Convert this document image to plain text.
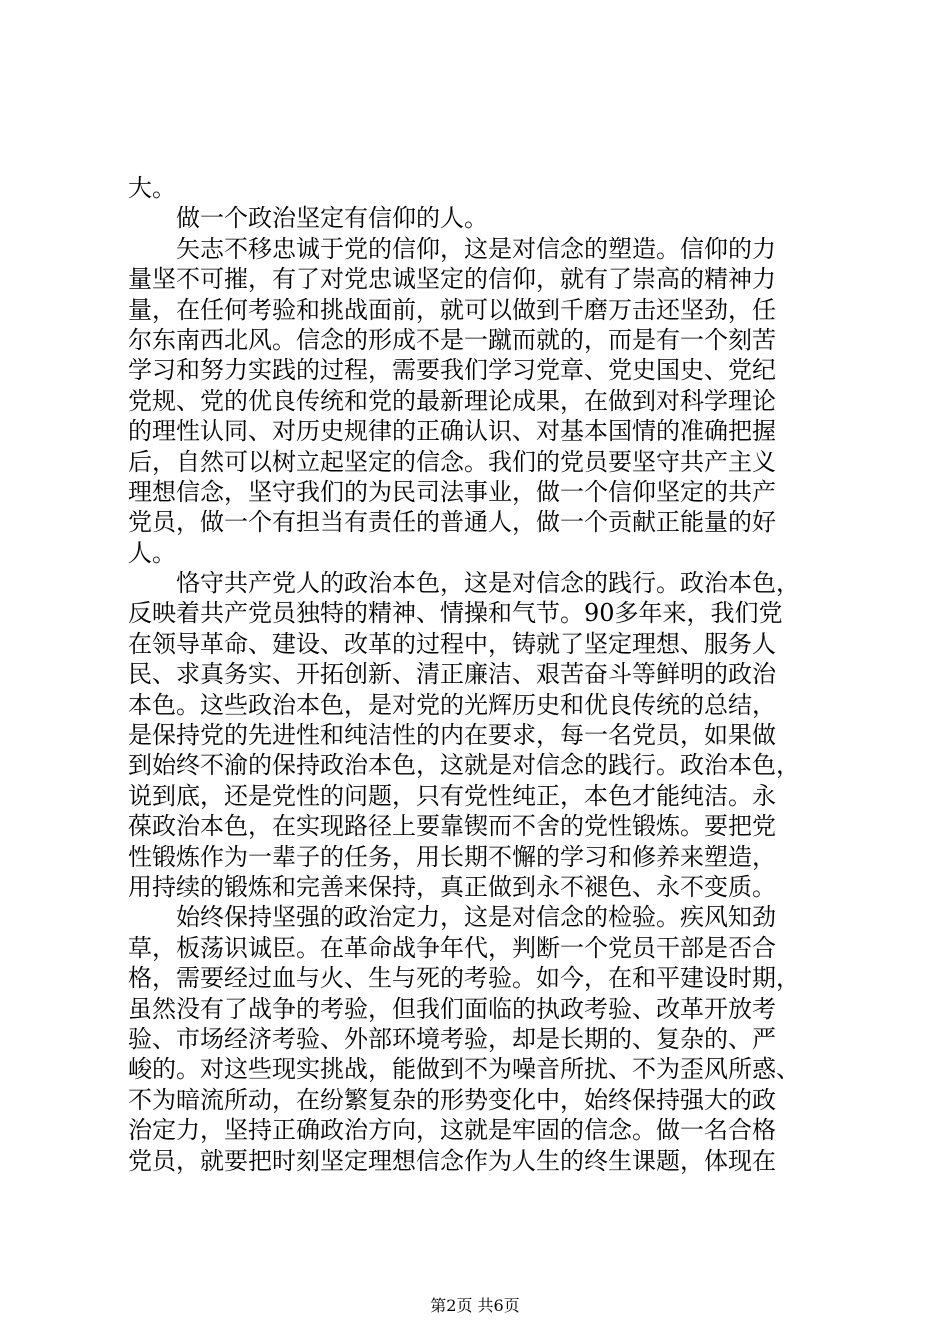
大。
　　做一个政治坚定有信仰的人。
　　矢志不移忠诚于党的信仰，这是对信念的塑造。信仰的力
量坚不可摧，有了对党忠诚坚定的信仰，就有了崇高的精神力
量，在任何考验和挑战面前，就可以做到千磨万击还坚劲，任
尔东南西北风。信念的形成不是一蹴而就的，而是有一个刻苦
学习和努力实践的过程，需要我们学习党章、党史国史、党纪
党规、党的优良传统和党的最新理论成果，在做到对科学理论
的理性认同、对历史规律的正确认识、对基本国情的准确把握
后，自然可以树立起坚定的信念。我们的党员要坚守共产主义
理想信念，坚守我们的为民司法事业，做一个信仰坚定的共产
党员，做一个有担当有责任的普通人，做一个贡献正能量的好
人。
　　恪守共产党人的政治本色，这是对信念的践行。政治本色，
反映着共产党员独特的精神、情操和气节。90多年来，我们党
在领导革命、建设、改革的过程中，铸就了坚定理想、服务人
民、求真务实、开拓创新、清正廉洁、艰苦奋斗等鲜明的政治
本色。这些政治本色，是对党的光辉历史和优良传统的总结，
是保持党的先进性和纯洁性的内在要求，每一名党员，如果做
到始终不渝的保持政治本色，这就是对信念的践行。政治本色，
说到底，还是党性的问题，只有党性纯正，本色才能纯洁。永
葆政治本色，在实现路径上要靠锲而不舍的党性锻炼。要把党
性锻炼作为一辈子的任务，用长期不懈的学习和修养来塑造，
用持续的锻炼和完善来保持，真正做到永不褪色、永不变质。
　　始终保持坚强的政治定力，这是对信念的检验。疾风知劲
草，板荡识诚臣。在革命战争年代，判断一个党员干部是否合
格，需要经过血与火、生与死的考验。如今，在和平建设时期，
虽然没有了战争的考验，但我们面临的执政考验、改革开放考
验、市场经济考验、外部环境考验，却是长期的、复杂的、严
峻的。对这些现实挑战，能做到不为噪音所扰、不为歪风所惑、
不为暗流所动，在纷繁复杂的形势变化中，始终保持强大的政
治定力，坚持正确政治方向，这就是牢固的信念。做一名合格
党员，就要把时刻坚定理想信念作为人生的终生课题，体现在
第2页 共6页
